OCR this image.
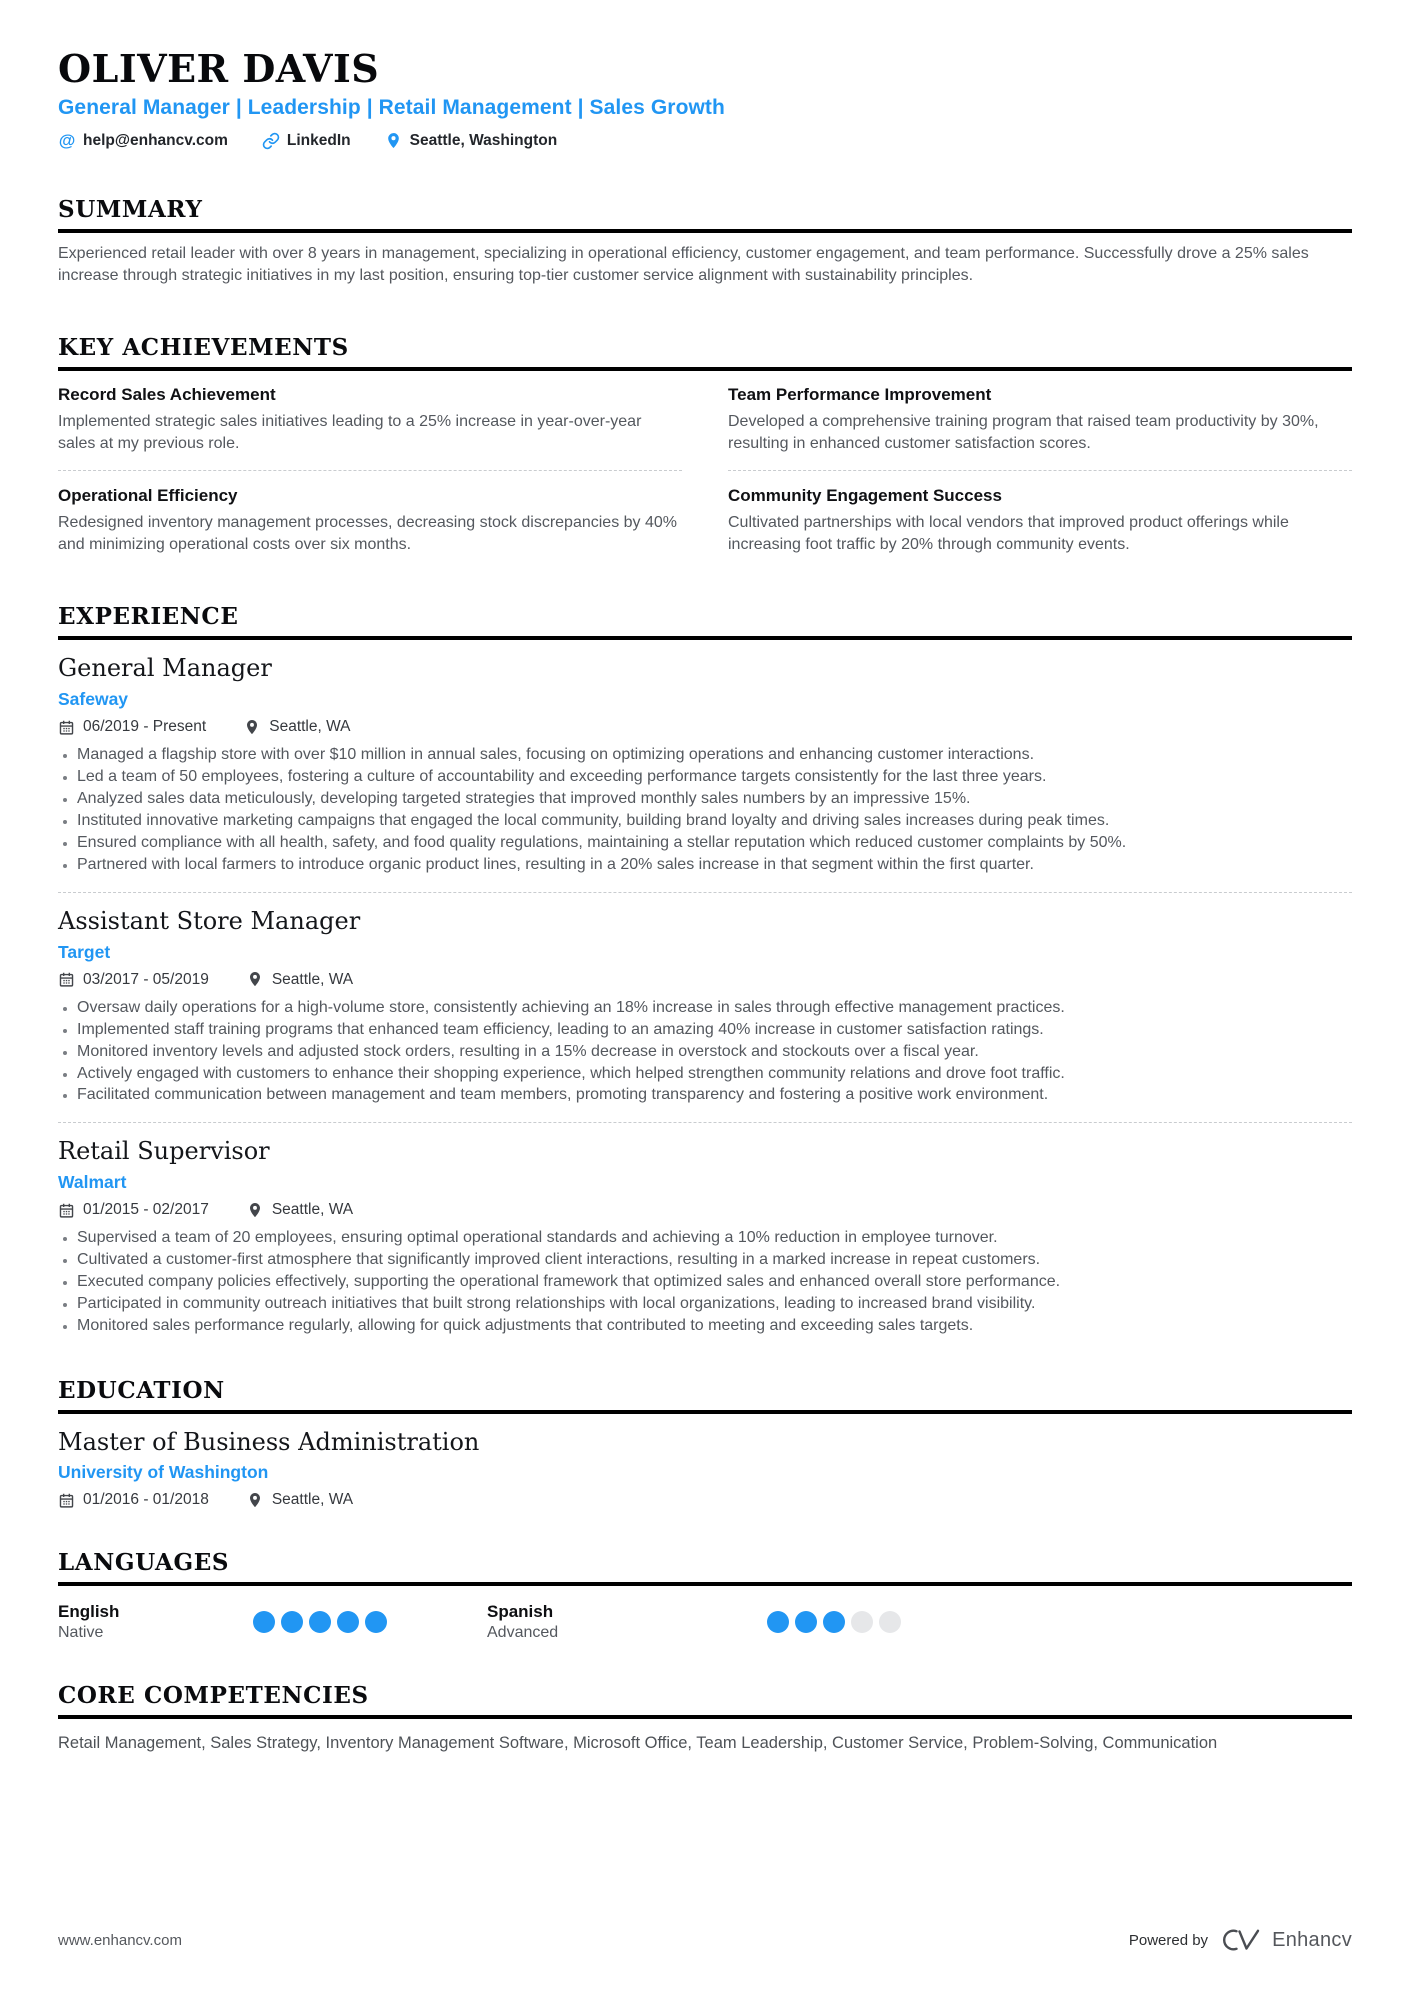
OLIVER DAVIS
General Manager | Leadership | Retail Management | Sales Growth
@
help@enhancv.com	LinkedIn	Seattle, Washington
SUMMARY

Experienced retail leader with over 8 years in management, specializing in operational efficiency, customer engagement, and team performance. Successfully drove a 25% sales increase through strategic initiatives in my last position, ensuring top-tier customer service alignment with sustainability principles.

KEY ACHIEVEMENTS
Record Sales Achievement
Implemented strategic sales initiatives leading to a 25% increase in year-over-year sales at my previous role.
Team Performance Improvement
Developed a comprehensive training program that raised team productivity by 30%, resulting in enhanced customer satisfaction scores.
Operational Efficiency
Redesigned inventory management processes, decreasing stock discrepancies by 40% and minimizing operational costs over six months.
Community Engagement Success
Cultivated partnerships with local vendors that improved product offerings while increasing foot traffic by 20% through community events.
EXPERIENCE
General Manager
Safeway
06/2019 - Present	Seattle, WA
Managed a flagship store with over $10 million in annual sales, focusing on optimizing operations and enhancing customer interactions.
Led a team of 50 employees, fostering a culture of accountability and exceeding performance targets consistently for the last three years.
Analyzed sales data meticulously, developing targeted strategies that improved monthly sales numbers by an impressive 15%.
Instituted innovative marketing campaigns that engaged the local community, building brand loyalty and driving sales increases during peak times.
Ensured compliance with all health, safety, and food quality regulations, maintaining a stellar reputation which reduced customer complaints by 50%.
Partnered with local farmers to introduce organic product lines, resulting in a 20% sales increase in that segment within the first quarter.
Assistant Store Manager
Target
03/2017 - 05/2019	Seattle, WA
Oversaw daily operations for a high-volume store, consistently achieving an 18% increase in sales through effective management practices.
Implemented staff training programs that enhanced team efficiency, leading to an amazing 40% increase in customer satisfaction ratings.
Monitored inventory levels and adjusted stock orders, resulting in a 15% decrease in overstock and stockouts over a fiscal year.
Actively engaged with customers to enhance their shopping experience, which helped strengthen community relations and drove foot traffic.
Facilitated communication between management and team members, promoting transparency and fostering a positive work environment.
Retail Supervisor
Walmart
01/2015 - 02/2017	Seattle, WA
Supervised a team of 20 employees, ensuring optimal operational standards and achieving a 10% reduction in employee turnover.
Cultivated a customer-first atmosphere that significantly improved client interactions, resulting in a marked increase in repeat customers.
Executed company policies effectively, supporting the operational framework that optimized sales and enhanced overall store performance.
Participated in community outreach initiatives that built strong relationships with local organizations, leading to increased brand visibility.
Monitored sales performance regularly, allowing for quick adjustments that contributed to meeting and exceeding sales targets.
EDUCATION
Master of Business Administration
University of Washington
01/2016 - 01/2018	Seattle, WA
LANGUAGES
English
Native
Spanish
Advanced
CORE COMPETENCIES

Retail Management, Sales Strategy, Inventory Management Software, Microsoft Office, Team Leadership, Customer Service, Problem-Solving, Communication

www.enhancv.com	Powered by	Enhancv
